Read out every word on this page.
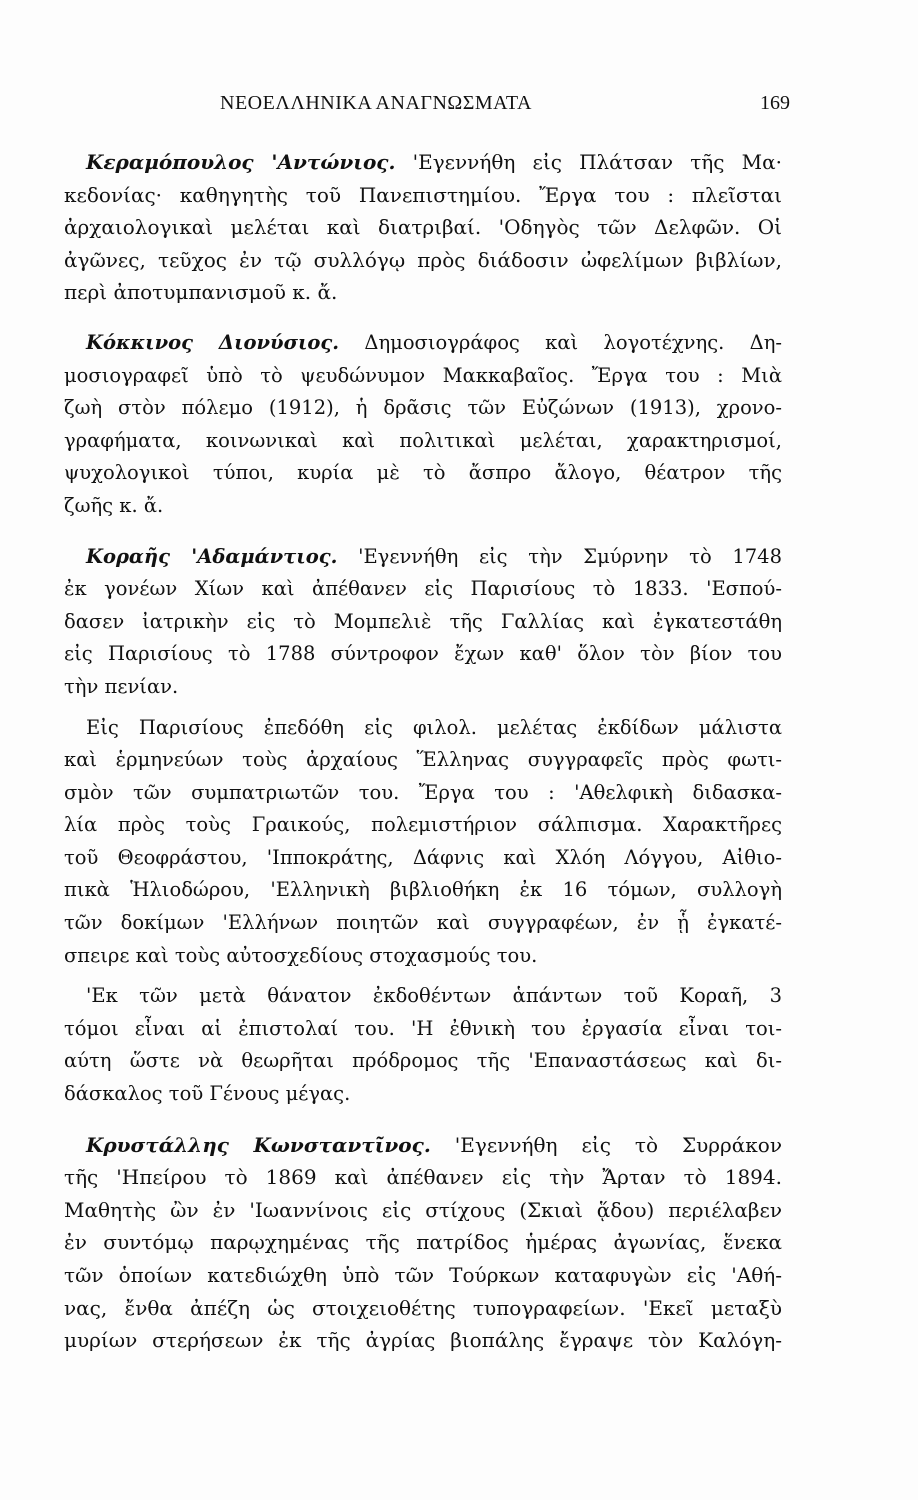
ΝΕΟΕΛΛΗΝΙΚΑ ΑΝΑΓΝΩΣΜΑΤΑ	169
Κεραμόπουλος 'Αντώνιος. 'Εγεννήθη εἰς Πλάτσαν τῆς Μα·
κεδονίας· καθηγητὴς τοῦ Πανεπιστημίου. Ἔργα του : πλεῖσται
ἀρχαιολογικαὶ μελέται καὶ διατριβαί. 'Οδηγὸς τῶν Δελφῶν. Οἱ
ἀγῶνες, τεῦχος ἐν τῷ συλλόγῳ πρὸς διάδοσιν ὠφελίμων βιβλίων,
περὶ ἀποτυμπανισμοῦ κ. ἄ.
Κόκκινος Διονύσιος. Δημοσιογράφος καὶ λογοτέχνης. Δη-
μοσιογραφεῖ ὑπὸ τὸ ψευδώνυμον Μακκαβαῖος. Ἔργα του : Μιὰ
ζωὴ στὸν πόλεμο (1912), ἡ δρᾶσις τῶν Εὐζώνων (1913), χρονο-
γραφήματα, κοινωνικαὶ καὶ πολιτικαὶ μελέται, χαρακτηρισμοί,
ψυχολογικοὶ τύποι, κυρία μὲ τὸ ἄσπρο ἄλογο, θέατρον τῆς
ζωῆς κ. ἄ.
Κοραῆς 'Αδαμάντιος. 'Εγεννήθη εἰς τὴν Σμύρνην τὸ 1748
ἐκ γονέων Χίων καὶ ἀπέθανεν εἰς Παρισίους τὸ 1833. 'Εσπού-
δασεν ἰατρικὴν εἰς τὸ Μομπελιὲ τῆς Γαλλίας καὶ ἐγκατεστάθη
εἰς Παρισίους τὸ 1788 σύντροφον ἔχων καθ' ὅλον τὸν βίον του
τὴν πενίαν.
Εἰς Παρισίους ἐπεδόθη εἰς φιλολ. μελέτας ἐκδίδων μάλιστα
καὶ ἑρμηνεύων τοὺς ἀρχαίους Ἕλληνας συγγραφεῖς πρὸς φωτι-
σμὸν τῶν συμπατριωτῶν του. Ἔργα του : 'Αθελφικὴ διδασκα-
λία πρὸς τοὺς Γραικούς, πολεμιστήριον σάλπισμα. Χαρακτῆρες
τοῦ Θεοφράστου, 'Ιπποκράτης, Δάφνις καὶ Χλόη Λόγγου, Αἰθιο-
πικὰ Ἡλιοδώρου, 'Ελληνικὴ βιβλιοθήκη ἐκ 16 τόμων, συλλογὴ
τῶν δοκίμων 'Ελλήνων ποιητῶν καὶ συγγραφέων, ἐν ᾗ ἐγκατέ-
σπειρε καὶ τοὺς αὐτοσχεδίους στοχασμούς του.
'Εκ τῶν μετὰ θάνατον ἐκδοθέντων ἁπάντων τοῦ Κοραῆ, 3
τόμοι εἶναι αἱ ἐπιστολαί του. 'Η ἐθνικὴ του ἐργασία εἶναι τοι-
αύτη ὥστε νὰ θεωρῆται πρόδρομος τῆς 'Επαναστάσεως καὶ δι-
δάσκαλος τοῦ Γένους μέγας.
Κρυστάλλης Κωνσταντῖνος. 'Εγεννήθη εἰς τὸ Συρράκον
τῆς 'Ηπείρου τὸ 1869 καὶ ἀπέθανεν εἰς τὴν Ἄρταν τὸ 1894.
Μαθητὴς ὢν ἐν 'Ιωαννίνοις εἰς στίχους (Σκιαὶ ᾅδου) περιέλαβεν
ἐν συντόμῳ παρῳχημένας τῆς πατρίδος ἡμέρας ἀγωνίας, ἕνεκα
τῶν ὁποίων κατεδιώχθη ὑπὸ τῶν Τούρκων καταφυγὼν εἰς 'Αθή-
νας, ἔνθα ἀπέζη ὡς στοιχειοθέτης τυπογραφείων. 'Εκεῖ μεταξὺ
μυρίων στερήσεων ἐκ τῆς ἀγρίας βιοπάλης ἔγραψε τὸν Καλόγη-
